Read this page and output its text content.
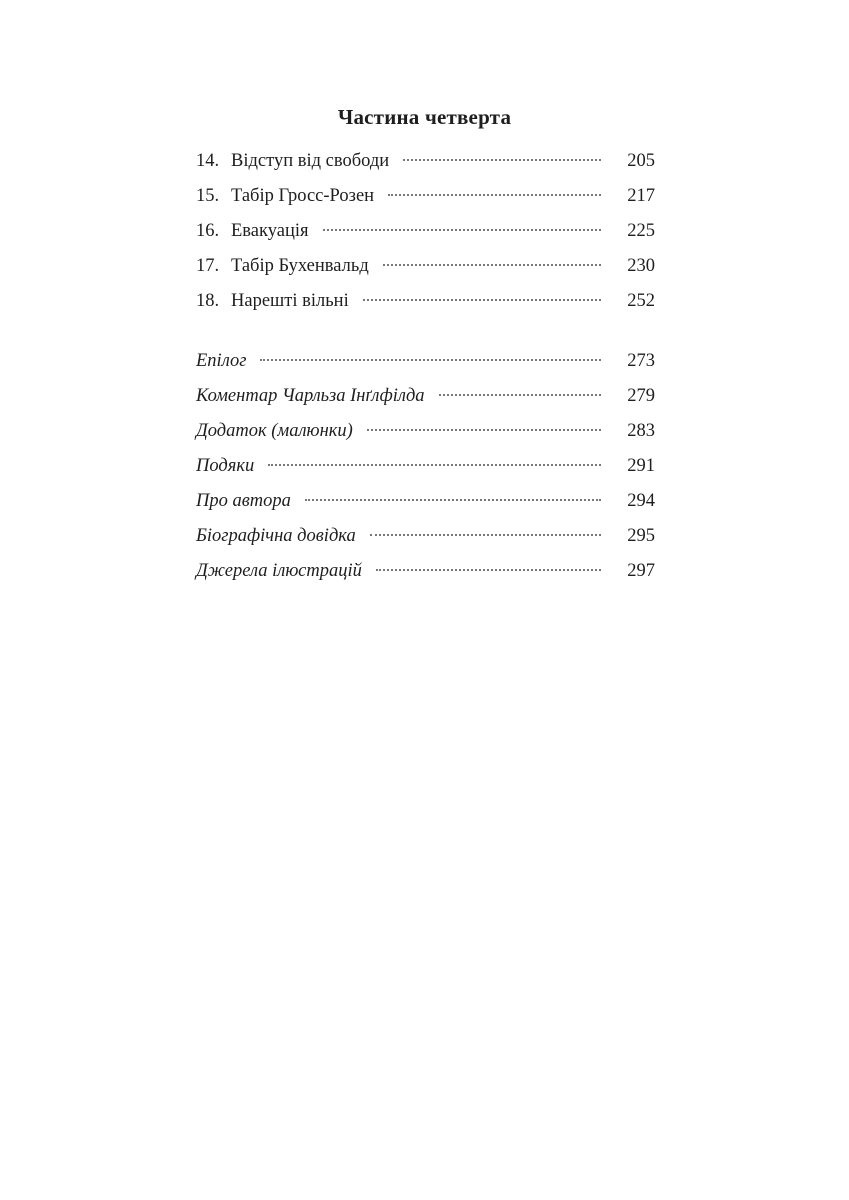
Частина четверта
14. Відступ від свободи	205
15. Табір Гросс-Розен	217
16. Евакуація	225
17. Табір Бухенвальд	230
18. Нарешті вільні	252
Епілог	273
Коментар Чарльза Інґлфілда	279
Додаток (малюнки)	283
Подяки	291
Про автора	294
Біографічна довідка	295
Джерела ілюстрацій	297
